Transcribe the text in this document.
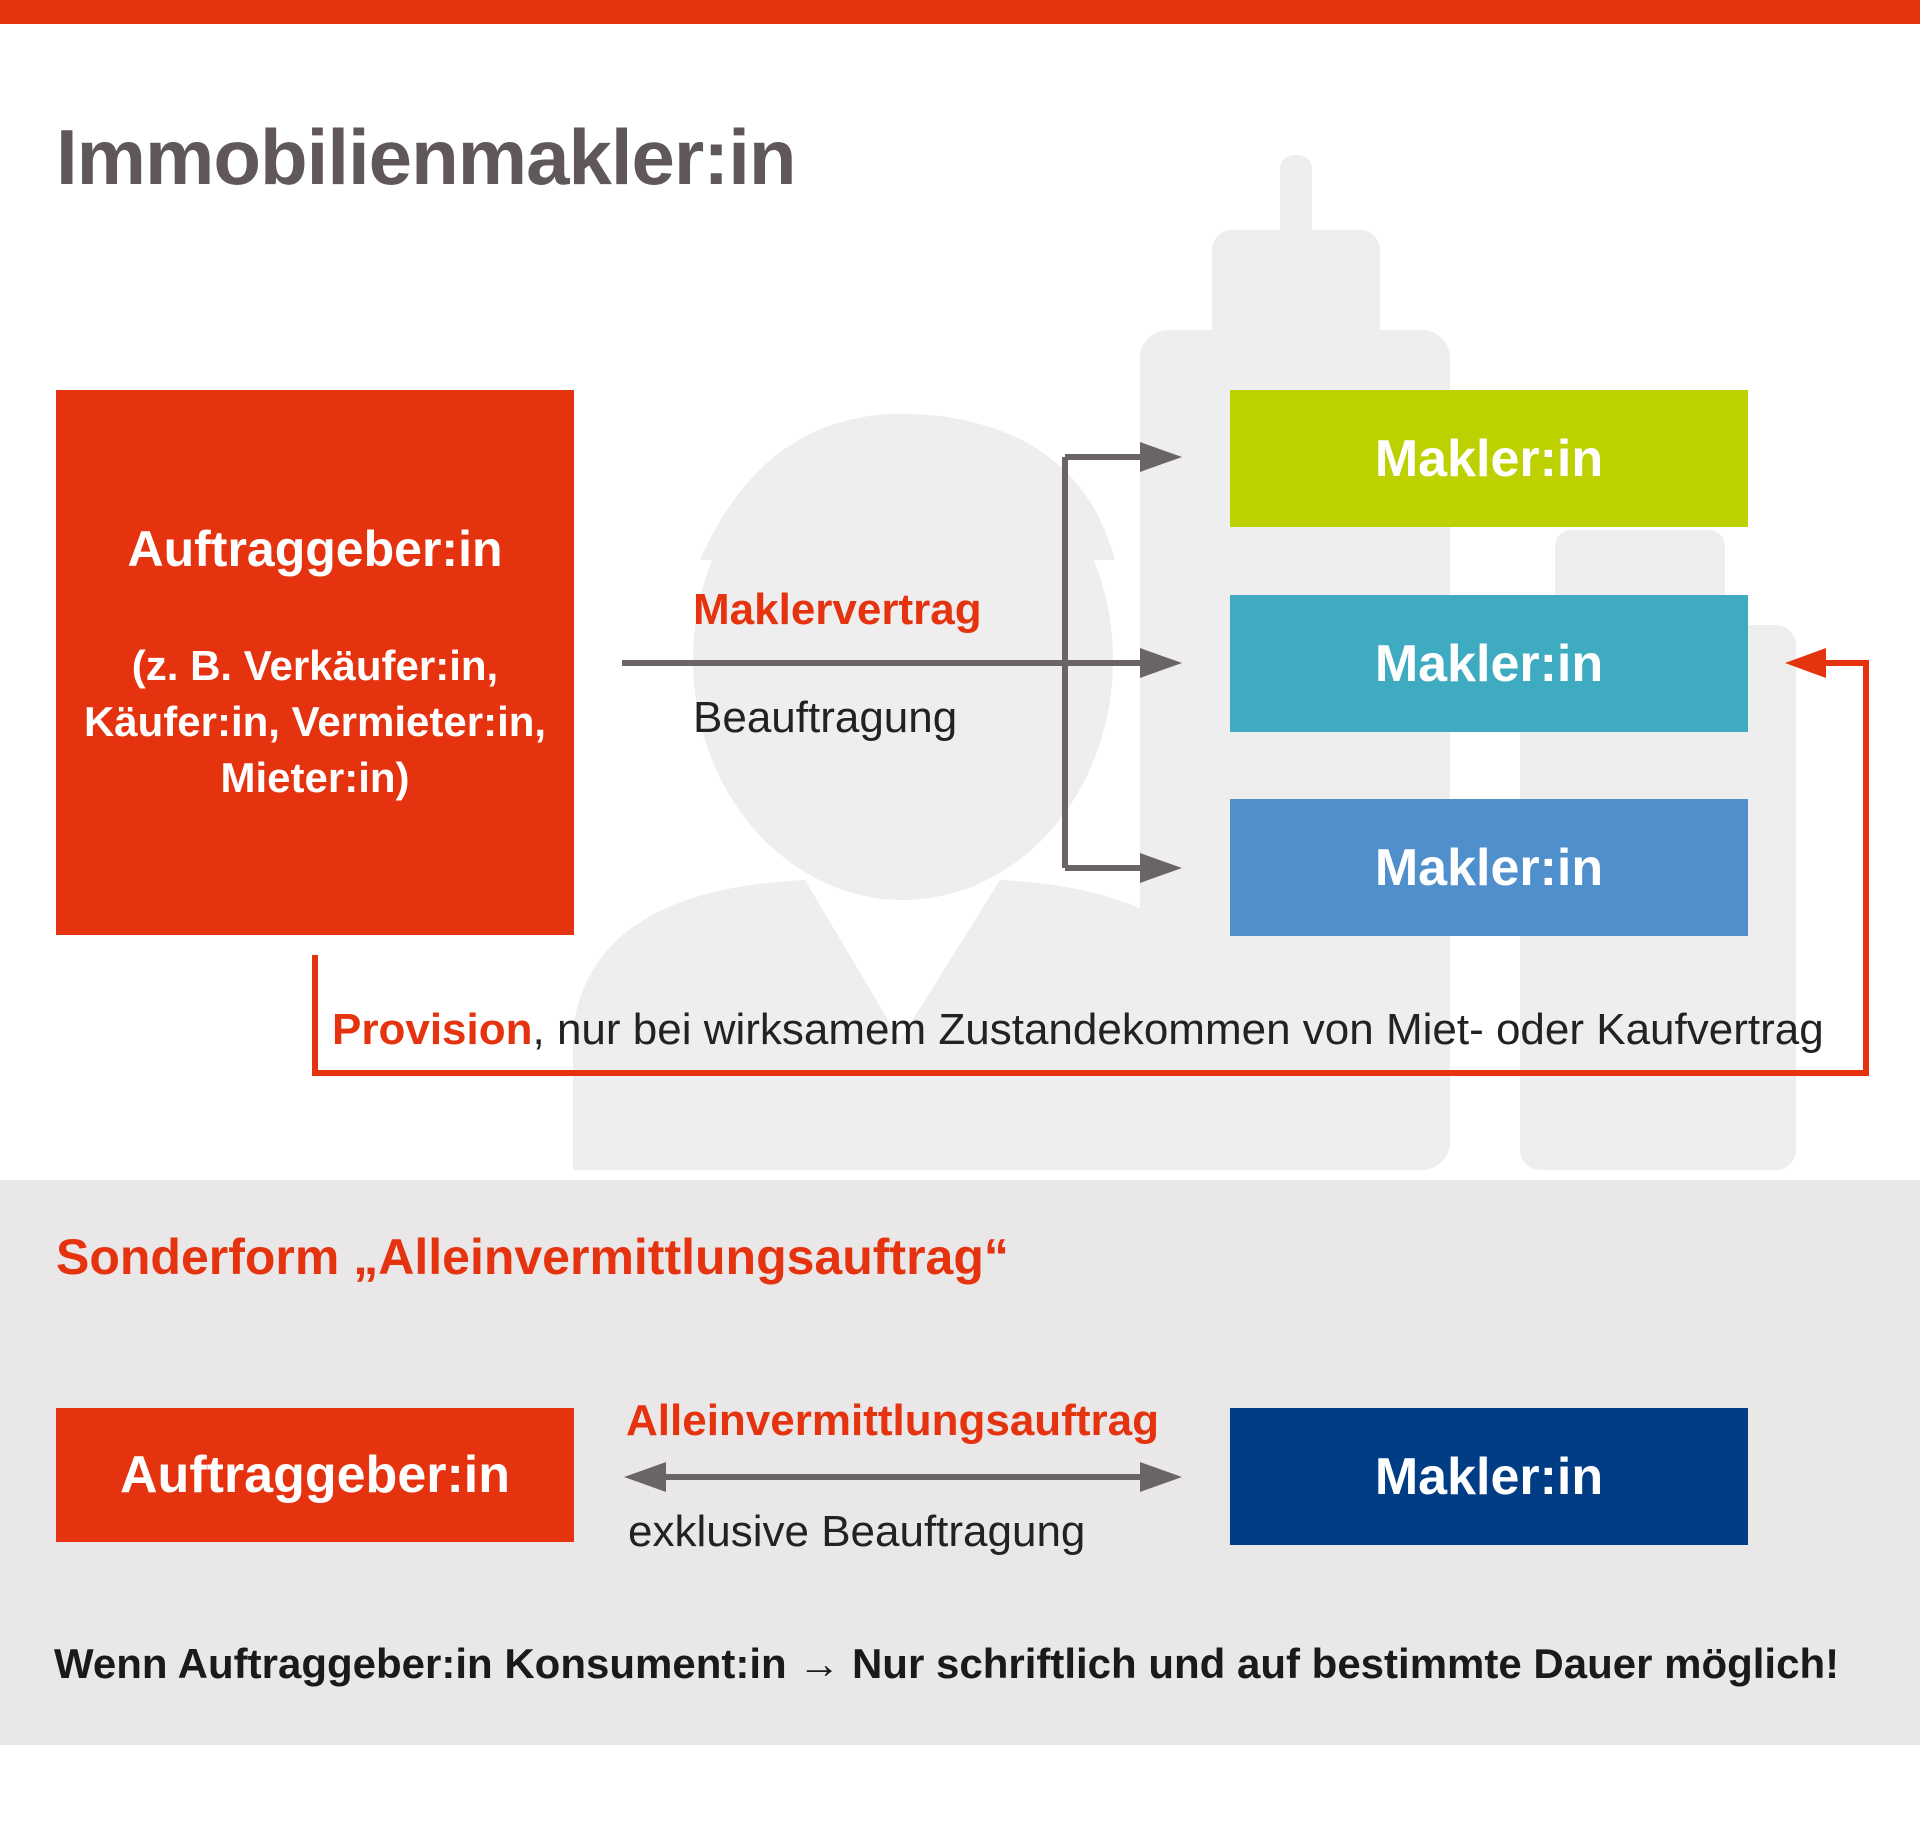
Immobilienmakler:in
Auftraggeber:in
(z. B. Verkäufer:in,
Käufer:in, Vermieter:in,
Mieter:in)
Makler:in
Makler:in
Makler:in
Maklervertrag
Beauftragung
Provision, nur bei wirksamem Zustandekommen von Miet- oder Kaufvertrag
Sonderform „Alleinvermittlungsauftrag“
Auftraggeber:in	Makler:in
Alleinvermittlungsauftrag
exklusive Beauftragung
Wenn Auftraggeber:in Konsument:in → Nur schriftlich und auf bestimmte Dauer möglich!
